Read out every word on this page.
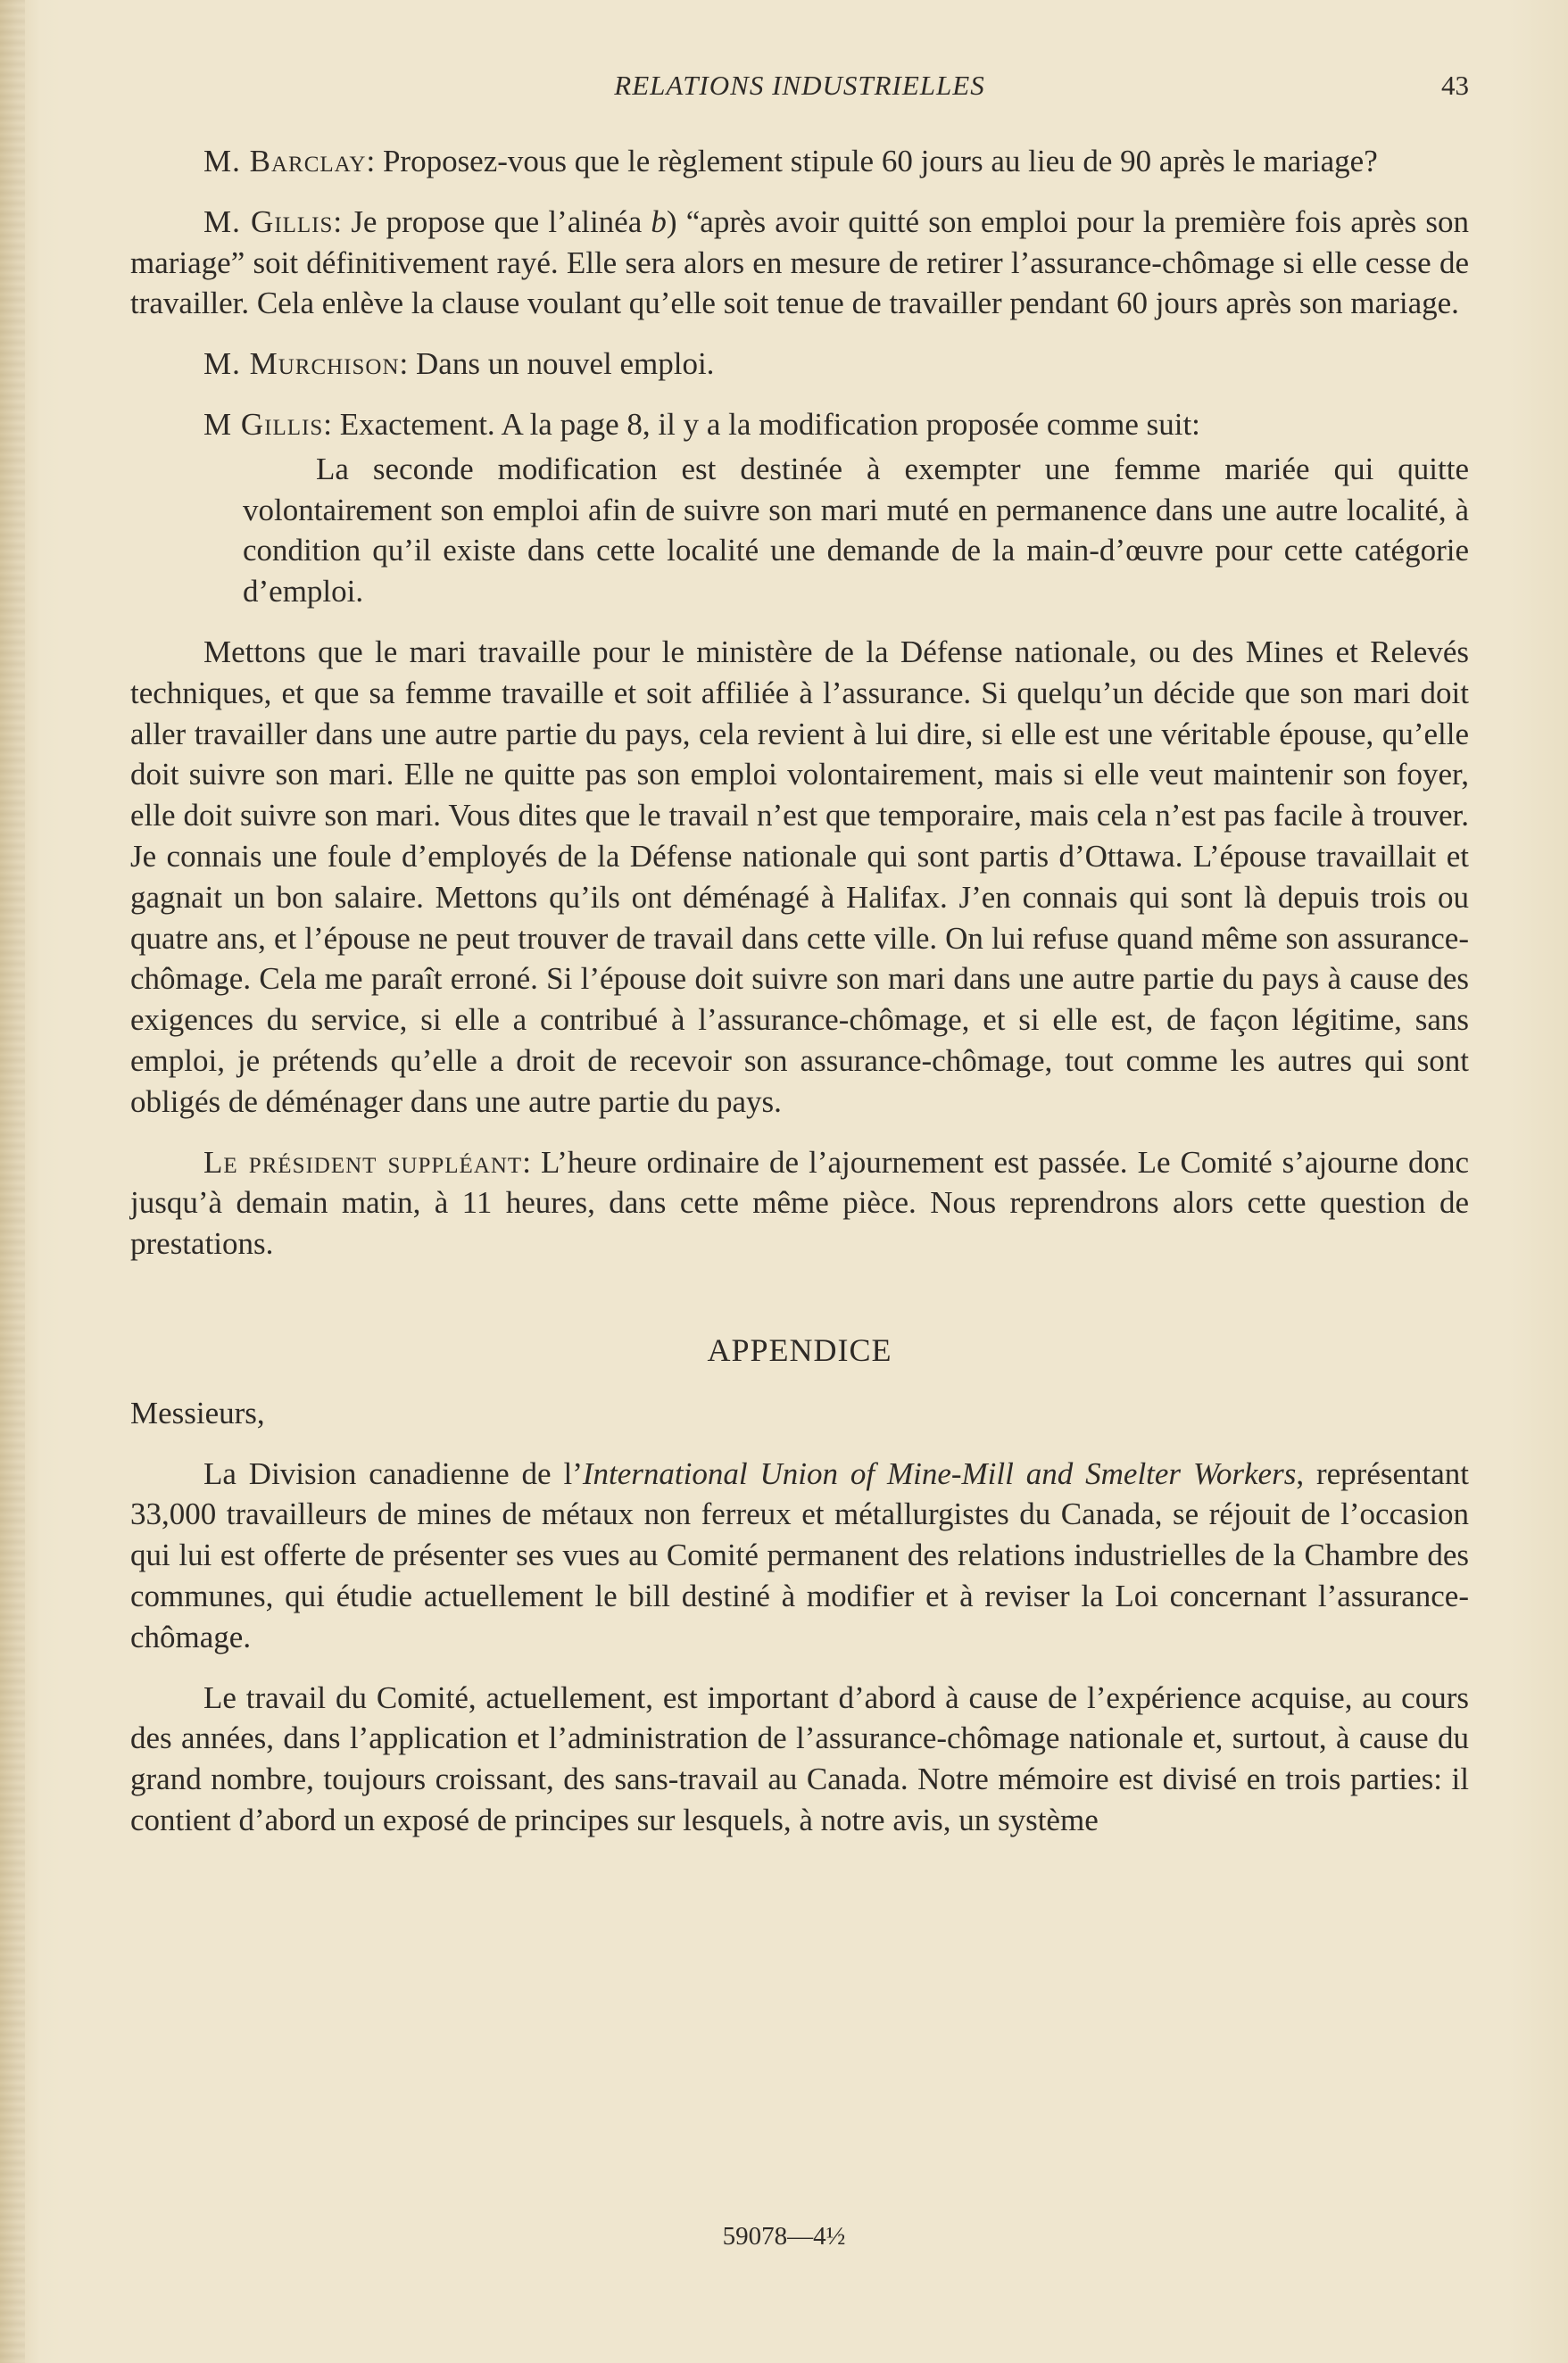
RELATIONS INDUSTRIELLES	43

M. Barclay: Proposez-vous que le règlement stipule 60 jours au lieu de 90 après le mariage?

M. Gillis: Je propose que l’alinéa b) “après avoir quitté son emploi pour la première fois après son mariage” soit définitivement rayé. Elle sera alors en mesure de retirer l’assurance-chômage si elle cesse de travailler. Cela enlève la clause voulant qu’elle soit tenue de travailler pendant 60 jours après son mariage.

M. Murchison: Dans un nouvel emploi.

M Gillis: Exactement. A la page 8, il y a la modification proposée comme suit:

La seconde modification est destinée à exempter une femme mariée qui quitte volontairement son emploi afin de suivre son mari muté en permanence dans une autre localité, à condition qu’il existe dans cette localité une demande de la main-d’œuvre pour cette catégorie d’emploi.

Mettons que le mari travaille pour le ministère de la Défense nationale, ou des Mines et Relevés techniques, et que sa femme travaille et soit affiliée à l’assurance. Si quelqu’un décide que son mari doit aller travailler dans une autre partie du pays, cela revient à lui dire, si elle est une véritable épouse, qu’elle doit suivre son mari. Elle ne quitte pas son emploi volontairement, mais si elle veut maintenir son foyer, elle doit suivre son mari. Vous dites que le travail n’est que temporaire, mais cela n’est pas facile à trouver. Je connais une foule d’employés de la Défense nationale qui sont partis d’Ottawa. L’épouse travaillait et gagnait un bon salaire. Mettons qu’ils ont déménagé à Halifax. J’en connais qui sont là depuis trois ou quatre ans, et l’épouse ne peut trouver de travail dans cette ville. On lui refuse quand même son assurance-chômage. Cela me paraît erroné. Si l’épouse doit suivre son mari dans une autre partie du pays à cause des exigences du service, si elle a contribué à l’assurance-chômage, et si elle est, de façon légitime, sans emploi, je prétends qu’elle a droit de recevoir son assurance-chômage, tout comme les autres qui sont obligés de déménager dans une autre partie du pays.

Le président suppléant: L’heure ordinaire de l’ajournement est passée. Le Comité s’ajourne donc jusqu’à demain matin, à 11 heures, dans cette même pièce. Nous reprendrons alors cette question de prestations.

APPENDICE

Messieurs,

La Division canadienne de l’International Union of Mine-Mill and Smelter Workers, représentant 33,000 travailleurs de mines de métaux non ferreux et métallurgistes du Canada, se réjouit de l’occasion qui lui est offerte de présenter ses vues au Comité permanent des relations industrielles de la Chambre des communes, qui étudie actuellement le bill destiné à modifier et à reviser la Loi concernant l’assurance-chômage.

Le travail du Comité, actuellement, est important d’abord à cause de l’expérience acquise, au cours des années, dans l’application et l’administration de l’assurance-chômage nationale et, surtout, à cause du grand nombre, toujours croissant, des sans-travail au Canada. Notre mémoire est divisé en trois parties: il contient d’abord un exposé de principes sur lesquels, à notre avis, un système

59078—4½
